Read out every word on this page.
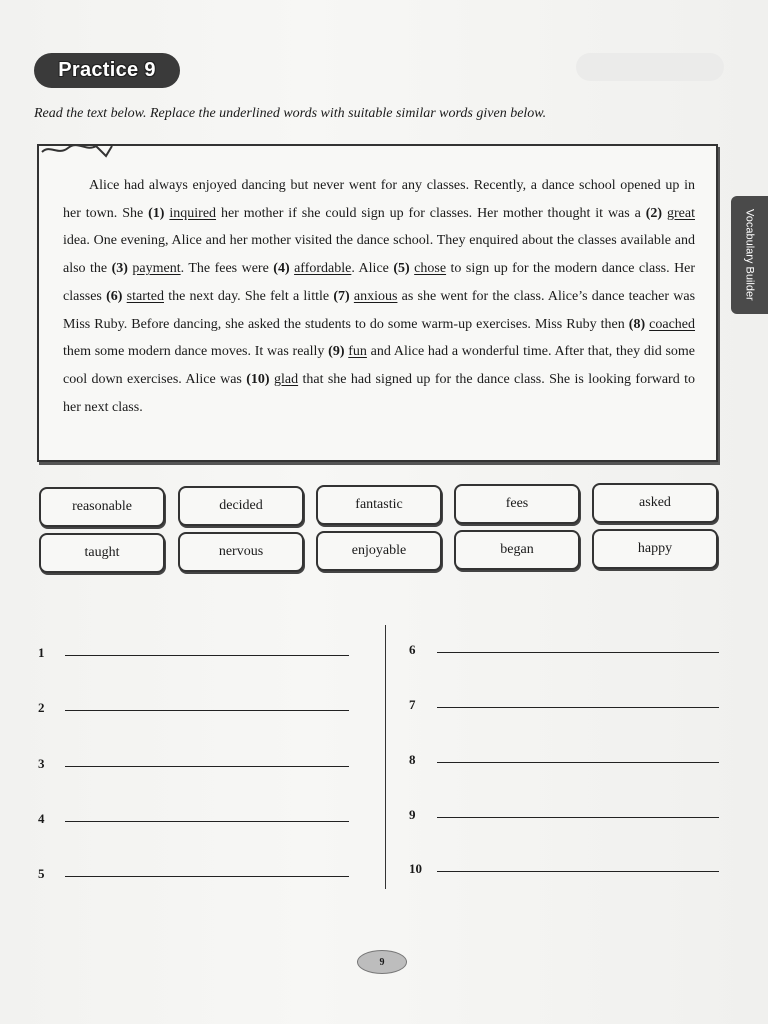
Practice 9

Read the text below. Replace the underlined words with suitable similar words given below.

Vocabulary Builder

Alice had always enjoyed dancing but never went for any classes. Recently, a dance school opened up in her town. She (1) inquired her mother if she could sign up for classes. Her mother thought it was a (2) great idea. One evening, Alice and her mother visited the dance school. They enquired about the classes available and also the (3) payment. The fees were (4) affordable. Alice (5) chose to sign up for the modern dance class. Her classes (6) started the next day. She felt a little (7) anxious as she went for the class. Alice’s dance teacher was Miss Ruby. Before dancing, she asked the students to do some warm-up exercises. Miss Ruby then (8) coached them some modern dance moves. It was really (9) fun and Alice had a wonderful time. After that, they did some cool down exercises. Alice was (10) glad that she had signed up for the dance class. She is looking forward to her next class.

reasonable	decided	fantastic	fees	asked
taught	nervous	enjoyable	began	happy
1
2
3
4
5
6
7
8
9
10
9
